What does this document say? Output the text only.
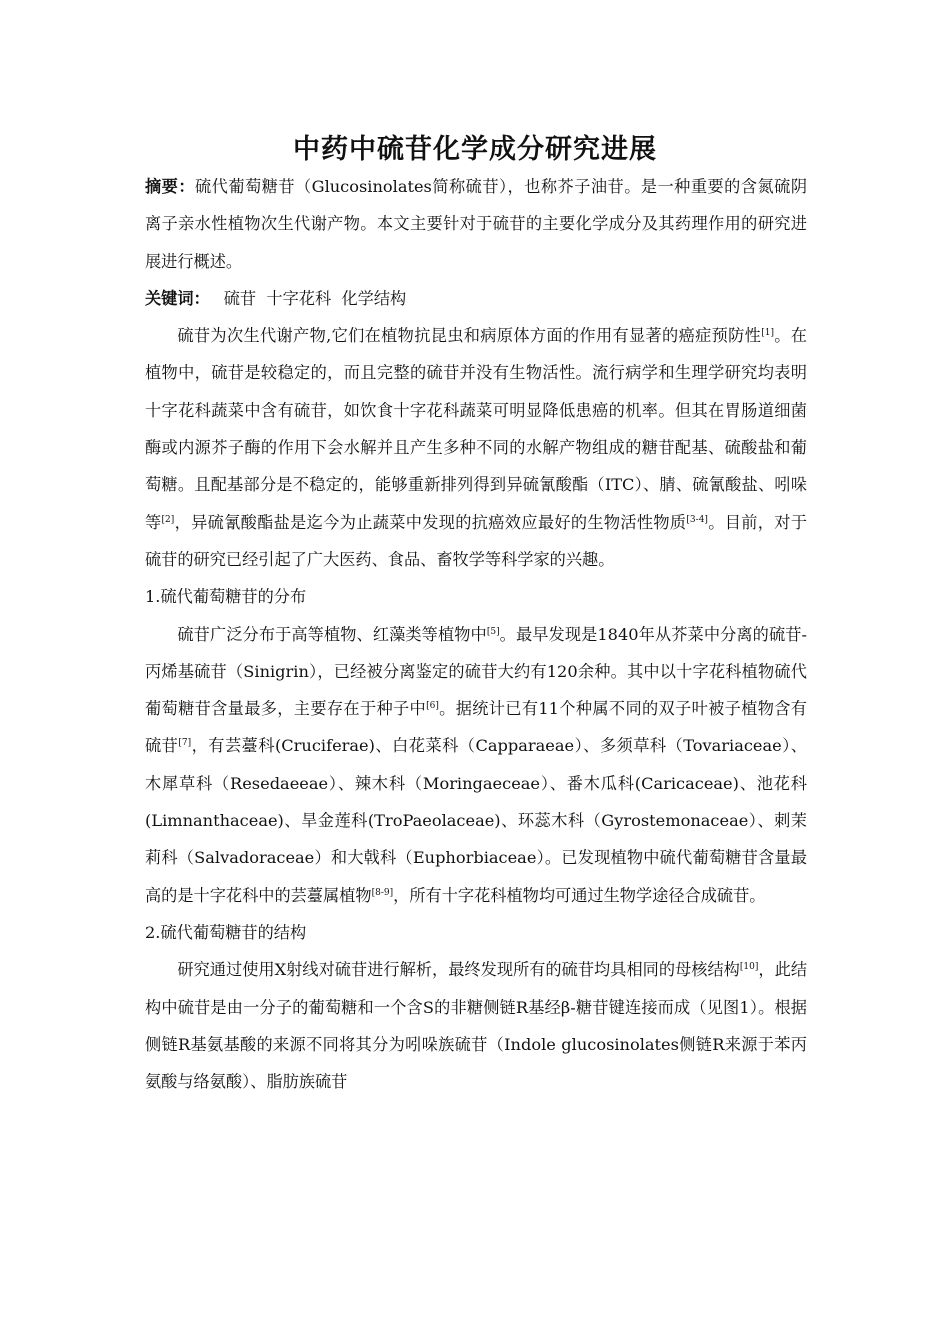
中药中硫苷化学成分研究进展

摘要：硫代葡萄糖苷（Glucosinolates简称硫苷），也称芥子油苷。是一种重要的含氮硫阴离子亲水性植物次生代谢产物。本文主要针对于硫苷的主要化学成分及其药理作用的研究进展进行概述。

关键词： 硫苷  十字花科  化学结构

硫苷为次生代谢产物,它们在植物抗昆虫和病原体方面的作用有显著的癌症预防性[1]。在植物中，硫苷是较稳定的，而且完整的硫苷并没有生物活性。流行病学和生理学研究均表明十字花科蔬菜中含有硫苷，如饮食十字花科蔬菜可明显降低患癌的机率。但其在胃肠道细菌酶或内源芥子酶的作用下会水解并且产生多种不同的水解产物组成的糖苷配基、硫酸盐和葡萄糖。且配基部分是不稳定的，能够重新排列得到异硫氰酸酯（ITC）、腈、硫氰酸盐、吲哚等[2]，异硫氰酸酯盐是迄今为止蔬菜中发现的抗癌效应最好的生物活性物质[3-4]。目前，对于硫苷的研究已经引起了广大医药、食品、畜牧学等科学家的兴趣。

1.硫代葡萄糖苷的分布

硫苷广泛分布于高等植物、红藻类等植物中[5]。最早发现是1840年从芥菜中分离的硫苷-丙烯基硫苷（Sinigrin），已经被分离鉴定的硫苷大约有120余种。其中以十字花科植物硫代葡萄糖苷含量最多，主要存在于种子中[6]。据统计已有11个种属不同的双子叶被子植物含有硫苷[7]，有芸薹科(Cruciferae)、白花菜科（Capparaeae）、多须草科（Tovariaceae）、木犀草科（Resedaeeae）、辣木科（Moringaeceae）、番木瓜科(Caricaceae)、池花科(Limnanthaceae)、旱金莲科(TroPaeolaceae)、环蕊木科（Gyrostemonaceae）、刺茉莉科（Salvadoraceae）和大戟科（Euphorbiaceae）。已发现植物中硫代葡萄糖苷含量最高的是十字花科中的芸薹属植物[8-9]，所有十字花科植物均可通过生物学途径合成硫苷。

2.硫代葡萄糖苷的结构

研究通过使用X射线对硫苷进行解析，最终发现所有的硫苷均具相同的母核结构[10]，此结构中硫苷是由一分子的葡萄糖和一个含S的非糖侧链R基经β-糖苷键连接而成（见图1）。根据侧链R基氨基酸的来源不同将其分为吲哚族硫苷（Indole glucosinolates侧链R来源于苯丙氨酸与络氨酸）、脂肪族硫苷
